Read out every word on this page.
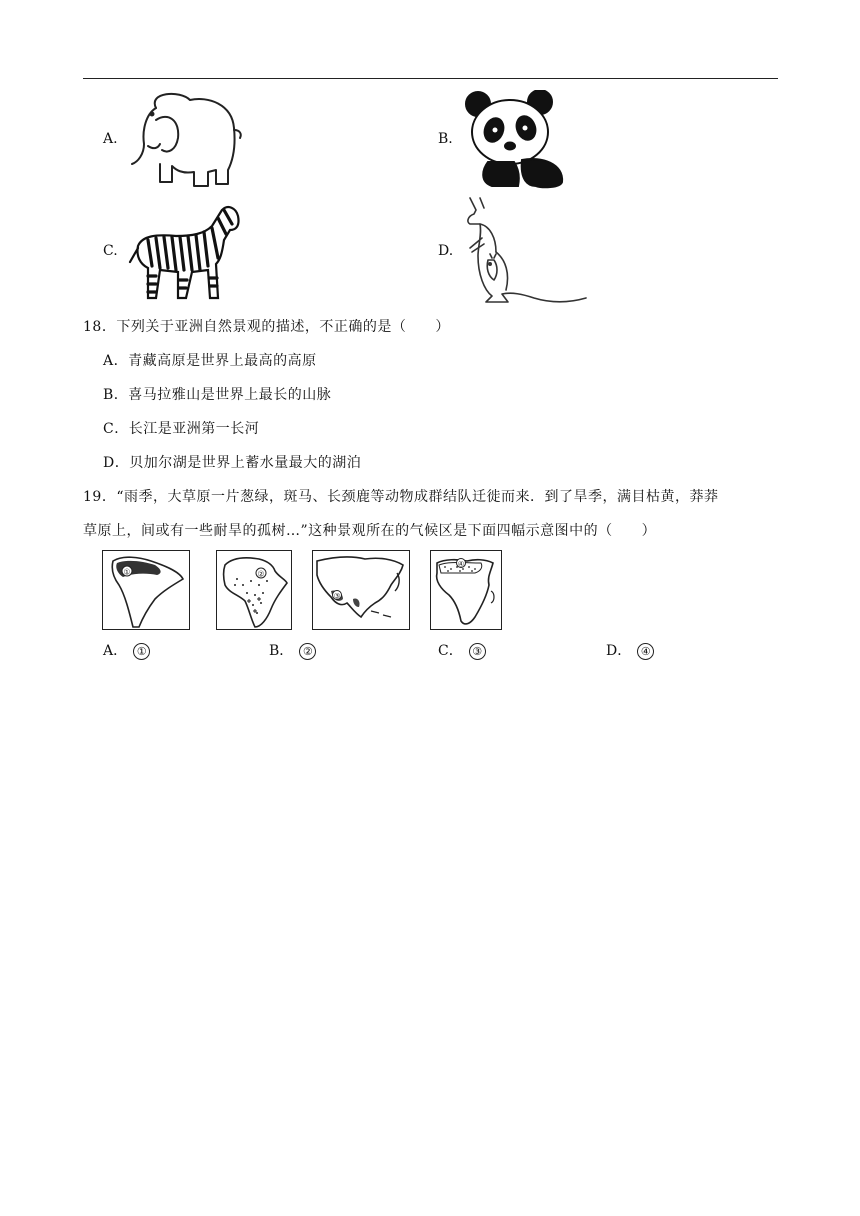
A.	B.
C.	D.
18．下列关于亚洲自然景观的描述，不正确的是（　　）
A．青藏高原是世界上最高的高原
B．喜马拉雅山是世界上最长的山脉
C．长江是亚洲第一长河
D．贝加尔湖是世界上蓄水量最大的湖泊
19．“雨季，大草原一片葱绿，斑马、长颈鹿等动物成群结队迁徙而来．到了旱季，满目枯黄，莽莽
草原上，间或有一些耐旱的孤树…”这种景观所在的气候区是下面四幅示意图中的（　　）
①	②
③
④
A． ①	B． ②	C． ③	D． ④
